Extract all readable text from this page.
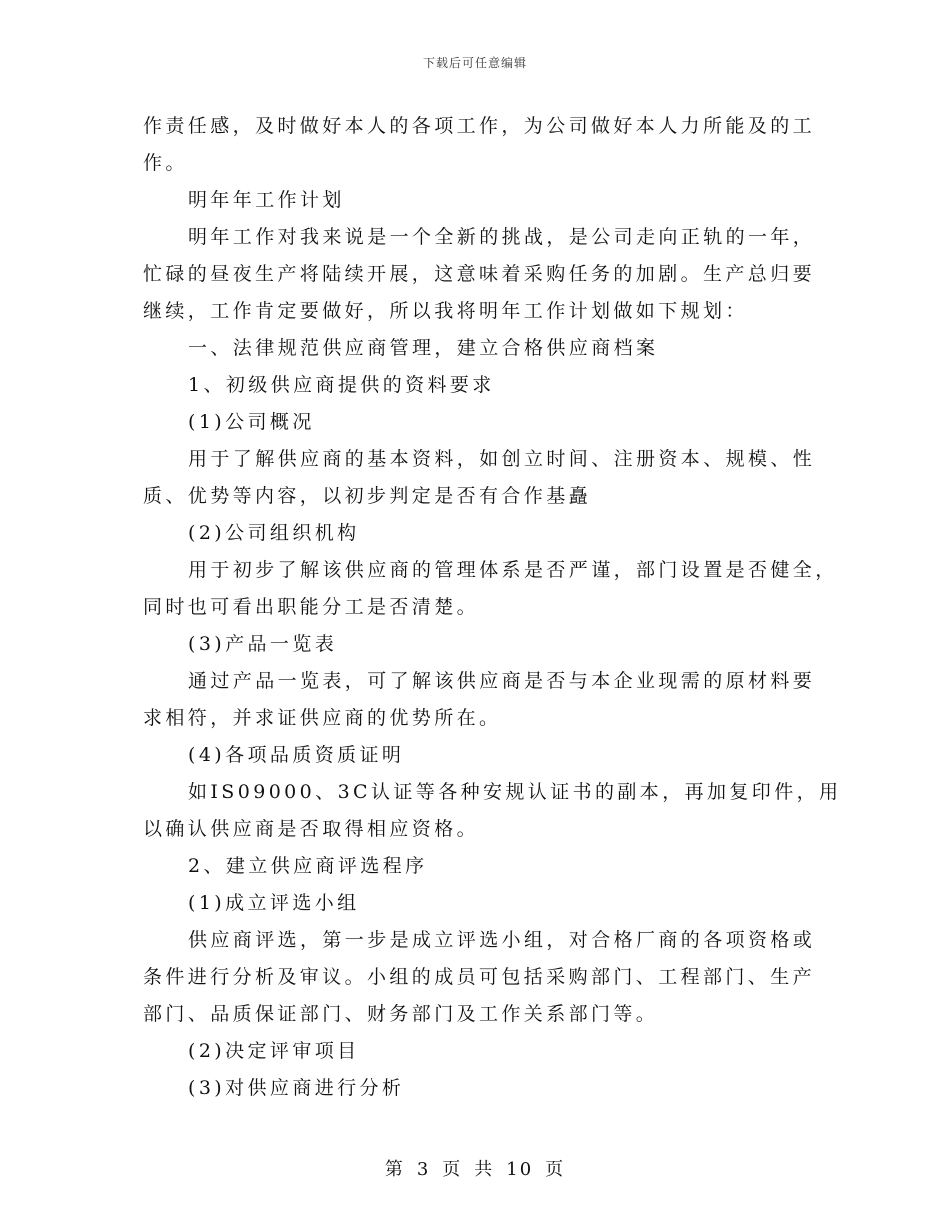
下载后可任意编辑
作责任感，及时做好本人的各项工作，为公司做好本人力所能及的工
作。
明年年工作计划
明年工作对我来说是一个全新的挑战，是公司走向正轨的一年，
忙碌的昼夜生产将陆续开展，这意味着采购任务的加剧。生产总归要
继续，工作肯定要做好，所以我将明年工作计划做如下规划：
一、法律规范供应商管理，建立合格供应商档案
1、初级供应商提供的资料要求
(1)公司概况
用于了解供应商的基本资料，如创立时间、注册资本、规模、性
质、优势等内容，以初步判定是否有合作基矗
(2)公司组织机构
用于初步了解该供应商的管理体系是否严谨，部门设置是否健全，
同时也可看出职能分工是否清楚。
(3)产品一览表
通过产品一览表，可了解该供应商是否与本企业现需的原材料要
求相符，并求证供应商的优势所在。
(4)各项品质资质证明
如IS09000、3C认证等各种安规认证书的副本，再加复印件，用
以确认供应商是否取得相应资格。
2、建立供应商评选程序
(1)成立评选小组
供应商评选，第一步是成立评选小组，对合格厂商的各项资格或
条件进行分析及审议。小组的成员可包括采购部门、工程部门、生产
部门、品质保证部门、财务部门及工作关系部门等。
(2)决定评审项目
(3)对供应商进行分析
第 3 页 共 10 页
